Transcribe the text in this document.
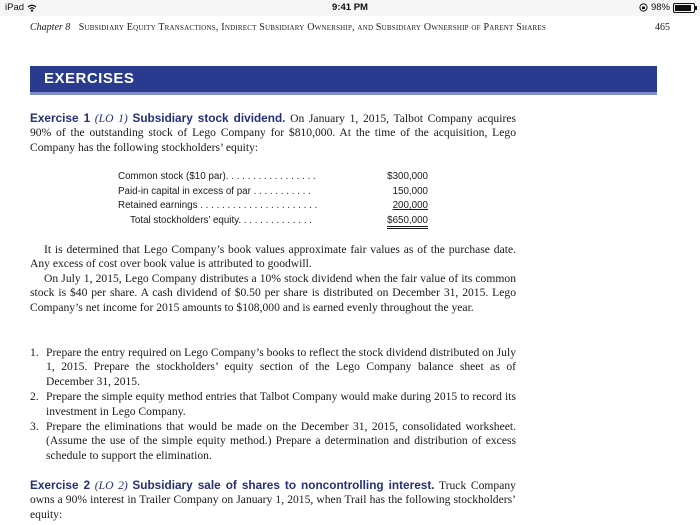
iPad	9:41 PM	98%
Chapter 8 Subsidiary Equity Transactions, Indirect Subsidiary Ownership, and Subsidiary Ownership of Parent Shares	465
EXERCISES
Exercise 1 (LO 1) Subsidiary stock dividend. On January 1, 2015, Talbot Company acquires 90% of the outstanding stock of Lego Company for $810,000. At the time of the acquisition, Lego Company has the following stockholders’ equity:
Common stock ($10 par). . . . . . . . . . . . . . . . .	$300,000
Paid-in capital in excess of par . . . . . . . . . . .	150,000
Retained earnings . . . . . . . . . . . . . . . . . . . . . .	200,000
Total stockholders’ equity. . . . . . . . . . . . . .	$650,000
It is determined that Lego Company’s book values approximate fair values as of the purchase date. Any excess of cost over book value is attributed to goodwill.
On July 1, 2015, Lego Company distributes a 10% stock dividend when the fair value of its common stock is $40 per share. A cash dividend of $0.50 per share is distributed on December 31, 2015. Lego Company’s net income for 2015 amounts to $108,000 and is earned evenly throughout the year.
1. Prepare the entry required on Lego Company’s books to reflect the stock dividend distributed on July 1, 2015. Prepare the stockholders’ equity section of the Lego Company balance sheet as of December 31, 2015.
2. Prepare the simple equity method entries that Talbot Company would make during 2015 to record its investment in Lego Company.
3. Prepare the eliminations that would be made on the December 31, 2015, consolidated worksheet. (Assume the use of the simple equity method.) Prepare a determination and distribution of excess schedule to support the elimination.
Exercise 2 (LO 2) Subsidiary sale of shares to noncontrolling interest. Truck Company owns a 90% interest in Trailer Company on January 1, 2015, when Trail has the following stockholders’ equity:
